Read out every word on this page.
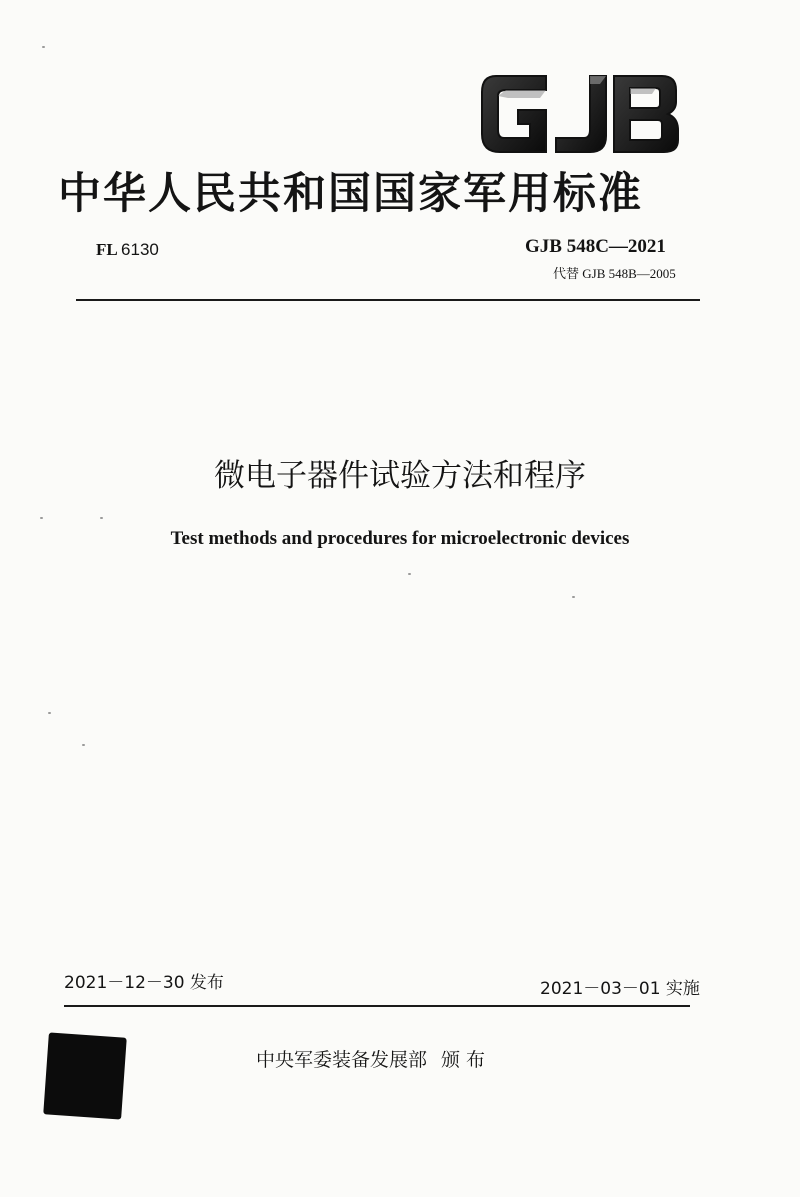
中华人民共和国国家军用标准
FL 6130	GJB 548C—2021
代替 GJB 548B—2005
微电子器件试验方法和程序
Test methods and procedures for microelectronic devices
2021－12－30 发布	2021－03－01 实施
中央军委装备发展部 颁布
